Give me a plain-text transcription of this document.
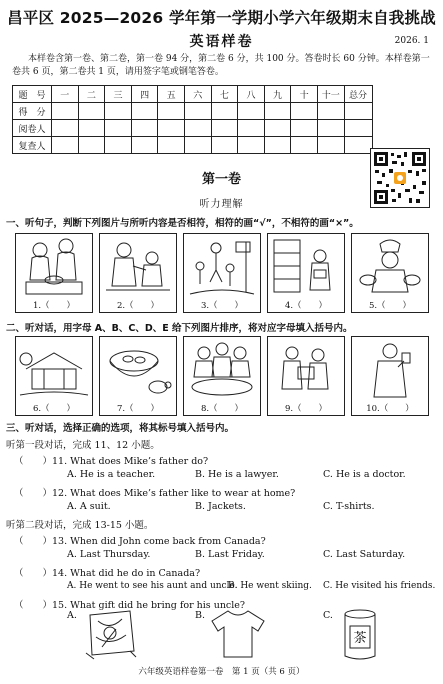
昌平区 2025—2026 学年第一学期小学六年级期末自我挑战
英语样卷	2026. 1
本样卷含第一卷、第二卷，第一卷 94 分，第二卷 6 分，共 100 分。答卷时长 60 分钟。本样卷第一卷共 6 页，第二卷共 1 页，请用签字笔或钢笔答卷。
题　号	一	二	三	四	五	六	七	八	九	十	十一	总分
得　分												
阅卷人												
复查人												
第一卷
听力理解
一、听句子，判断下列图片与所听内容是否相符，相符的画“√”，不相符的画“×”。
1.（　　）	2.（　　）	3.（　　）	4.（　　）	5.（　　）
二、听对话，用字母 A、B、C、D、E 给下列图片排序，将对应字母填入括号内。
6.（　　）	7.（　　）	8.（　　）	9.（　　）	10.（　　）
三、听对话，选择正确的选项，将其标号填入括号内。
听第一段对话，完成 11、12 小题。
（　　）11. What does Mike’s father do?
A. He is a teacher.	B. He is a lawyer.	C. He is a doctor.
（　　）12. What does Mike’s father like to wear at home?
A. A suit.	B. Jackets.	C. T-shirts.
听第二段对话，完成 13-15 小题。
（　　）13. When did John come back from Canada?
A. Last Thursday.	B. Last Friday.	C. Last Saturday.
（　　）14. What did he do in Canada?
A. He went to see his aunt and uncle.
B. He went skiing. C. He visited his friends.
（　　）15. What gift did he bring for his uncle?
A.	B.	C.
茶
六年级英语样卷第一卷　第 1 页（共 6 页）
